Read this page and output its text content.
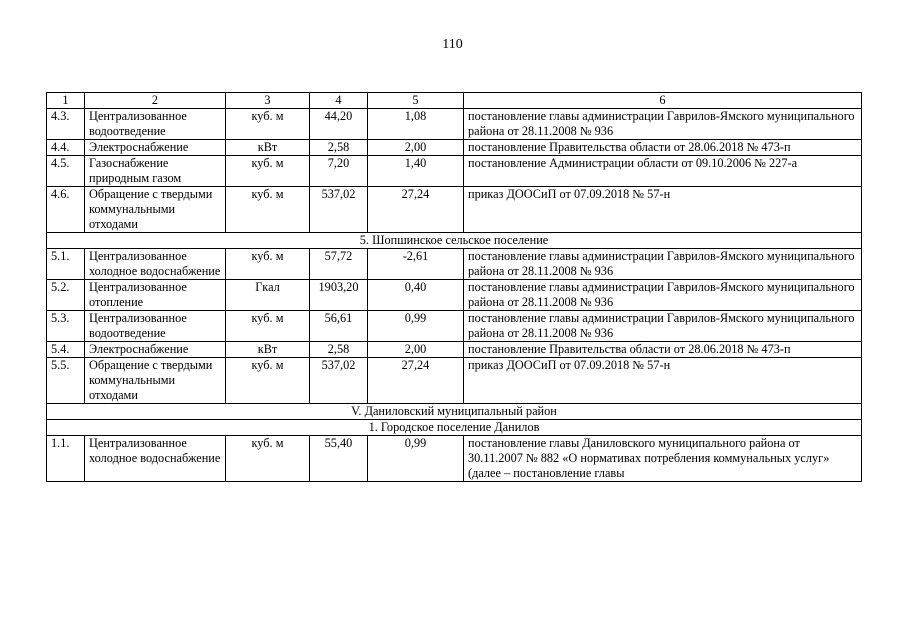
110
1	2	3	4	5	6
4.3.	Централизованное водоотведение	куб. м	44,20	1,08	постановление главы администрации Гаврилов-Ямского муниципального района от 28.11.2008 № 936
4.4.	Электроснабжение	кВт	2,58	2,00	постановление Правительства области от 28.06.2018 № 473-п
4.5.	Газоснабжение природным газом	куб. м	7,20	1,40	постановление Администрации области от 09.10.2006 № 227-а
4.6.	Обращение с твердыми коммунальными отходами	куб. м	537,02	27,24	приказ ДООСиП от 07.09.2018 № 57-н
5. Шопшинское сельское поселение					
5.1.	Централизованное холодное водоснабжение	куб. м	57,72	-2,61	постановление главы администрации Гаврилов-Ямского муниципального района от 28.11.2008 № 936
5.2.	Централизованное отопление	Гкал	1903,20	0,40	постановление главы администрации Гаврилов-Ямского муниципального района от 28.11.2008 № 936
5.3.	Централизованное водоотведение	куб. м	56,61	0,99	постановление главы администрации Гаврилов-Ямского муниципального района от 28.11.2008 № 936
5.4.	Электроснабжение	кВт	2,58	2,00	постановление Правительства области от 28.06.2018 № 473-п
5.5.	Обращение с твердыми коммунальными отходами	куб. м	537,02	27,24	приказ ДООСиП от 07.09.2018 № 57-н
V. Даниловский муниципальный район					
1. Городское поселение Данилов					
1.1.	Централизованное холодное водоснабжение	куб. м	55,40	0,99	постановление главы Даниловского муниципального района от 30.11.2007 № 882 «О нормативах потребления коммунальных услуг» (далее – постановление главы
